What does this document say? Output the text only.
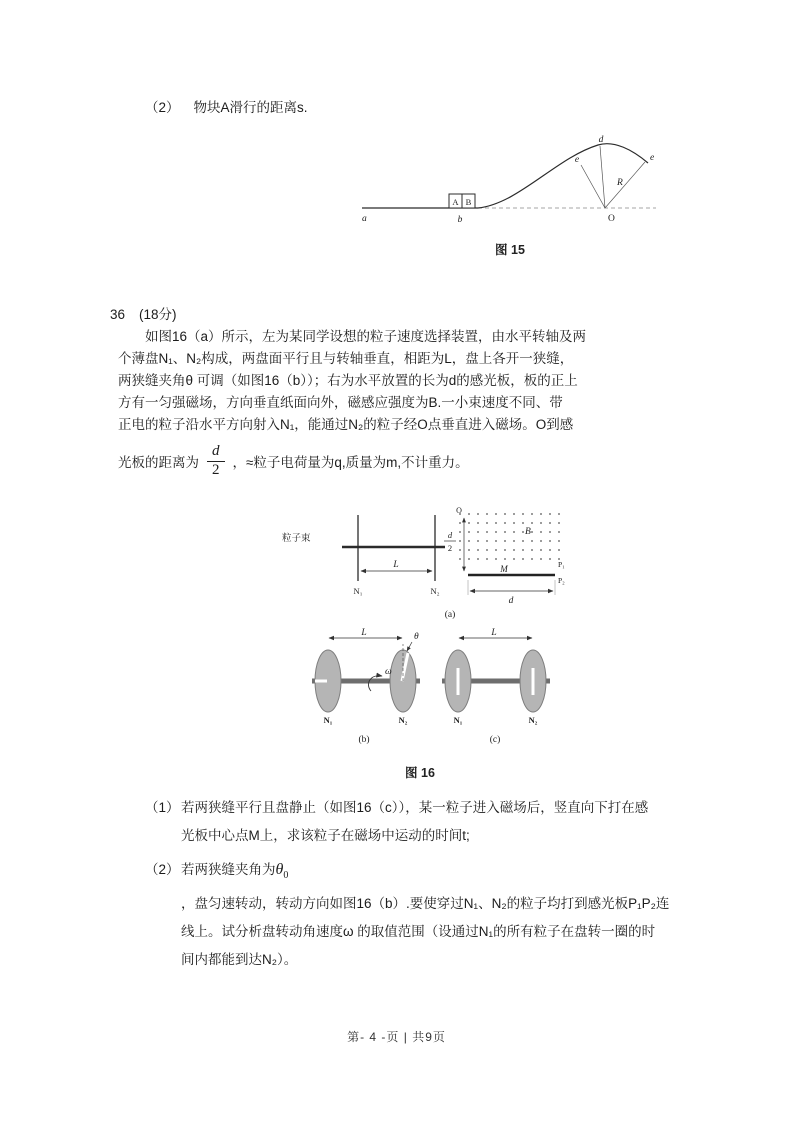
（2） 物块A滑行的距离s.
A B
a	b	O
e
d
e
R
图 15
36 (18分)
如图16（a）所示，左为某同学设想的粒子速度选择装置，由水平转轴及两
个薄盘N₁、N₂构成，两盘面平行且与转轴垂直，相距为L，盘上各开一狭缝，
两狭缝夹角θ 可调（如图16（b））；右为水平放置的长为d的感光板，板的正上
方有一匀强磁场，方向垂直纸面向外，磁感应强度为B.一小束速度不同、带
正电的粒子沿水平方向射入N₁，能通过N₂的粒子经O点垂直进入磁场。O到感
光板的距离为 $\frac{d}{2}$ ，≈粒子电荷量为q,质量为m,不计重力。
粒子束
L
N₁	N₂
B
O
d
2
M	P₁
P₂
d
(a)
L	θ
ω
N₁	N₂
(b)
L
N₁	N₂
(c)
图 16
（1） 若两狭缝平行且盘静止（如图16（c）），某一粒子进入磁场后，竖直向下打在感
光板中心点M上，求该粒子在磁场中运动的时间t;
（2） 若两狭缝夹角为$\theta_0$
，盘匀速转动，转动方向如图16（b）.要使穿过N₁、N₂的粒子均打到感光板P₁P₂连
线上。试分析盘转动角速度ω 的取值范围（设通过N₁的所有粒子在盘转一圈的时
间内都能到达N₂）。
第- 4 -页 | 共9页
